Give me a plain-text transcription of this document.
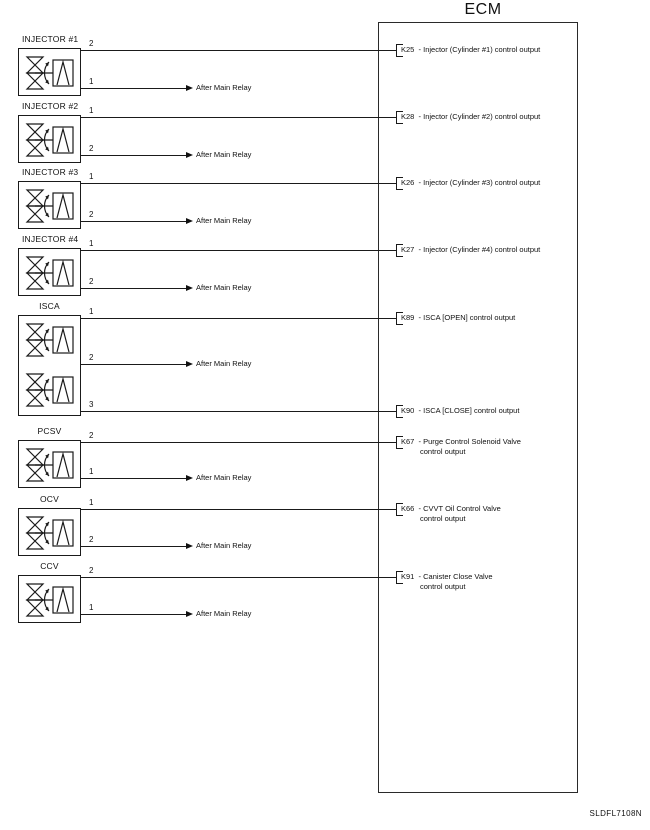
ECM
2
After Main Relay
1
1
After Main Relay
2
1
After Main Relay
2
1
After Main Relay
2
1
After Main Relay
2
3
2
After Main Relay
1
1
After Main Relay
2
2
After Main Relay
1
INJECTOR #1
INJECTOR #2
INJECTOR #3
INJECTOR #4
ISCA
PCSV
OCV
CCV
K25  - Injector (Cylinder #1) control output
K28  - Injector (Cylinder #2) control output
K26  - Injector (Cylinder #3) control output
K27  - Injector (Cylinder #4) control output
K89  - ISCA [OPEN] control output
K90  - ISCA [CLOSE] control output
K67  - Purge Control Solenoid Valve
control output
K66  - CVVT Oil Control Valve
control output
K91  - Canister Close Valve
control output
SLDFL7108N
